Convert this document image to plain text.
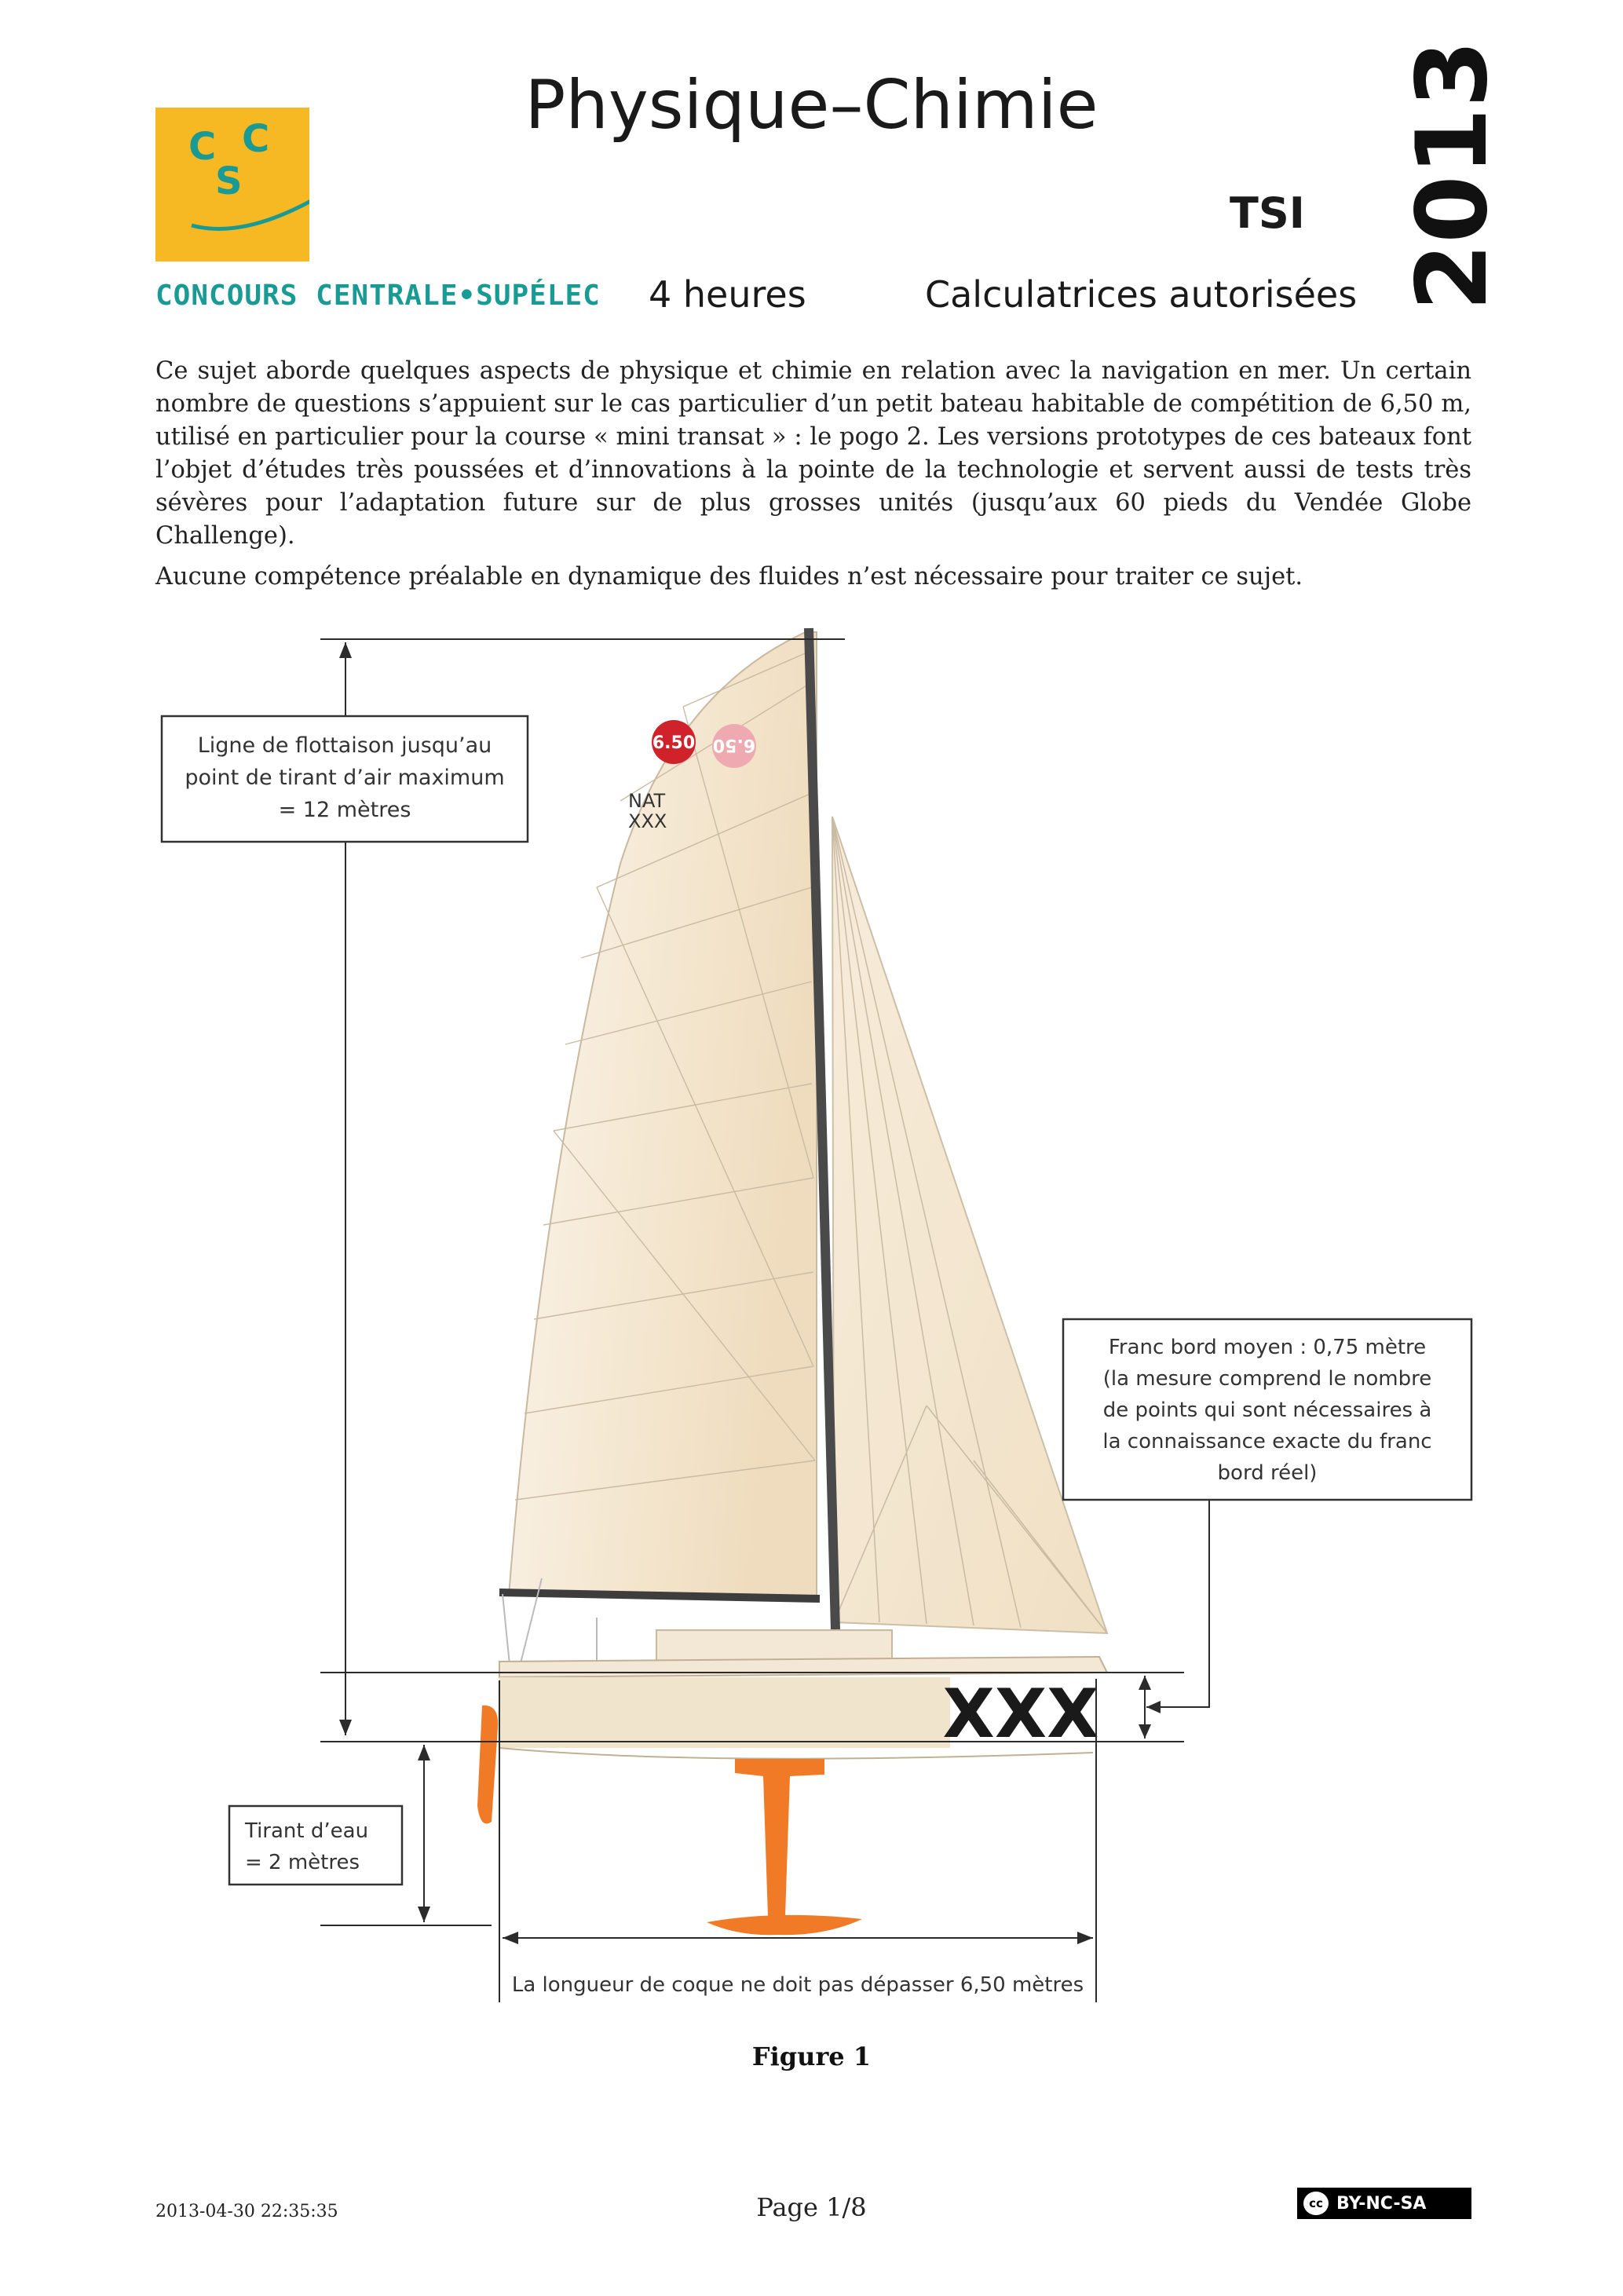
C C
S
CONCOURS CENTRALE•SUPÉLEC
Physique–Chimie
TSI
4 heures	Calculatrices autorisées 2013

Ce sujet aborde quelques aspects de physique et chimie en relation avec la navigation en mer. Un certain nombre de questions s’appuient sur le cas particulier d’un petit bateau habitable de compétition de 6,50 m, utilisé en particulier pour la course « mini transat » : le pogo 2. Les versions prototypes de ces bateaux font l’objet d’études très poussées et d’innovations à la pointe de la technologie et servent aussi de tests très sévères pour l’adaptation future sur de plus grosses unités (jusqu’aux 60 pieds du Vendée Globe Challenge).

Aucune compétence préalable en dynamique des fluides n’est nécessaire pour traiter ce sujet.

6.50 6.50
NAT
XXX
XXX
Ligne de flottaison jusqu’au
point de tirant d’air maximum
= 12 mètres
Franc bord moyen : 0,75 mètre
(la mesure comprend le nombre
de points qui sont nécessaires à
la connaissance exacte du franc
bord réel)
Tirant d’eau
= 2 mètres
La longueur de coque ne doit pas dépasser 6,50 mètres
Figure 1
2013-04-30 22:35:35	Page 1/8	cc BY-NC-SA
